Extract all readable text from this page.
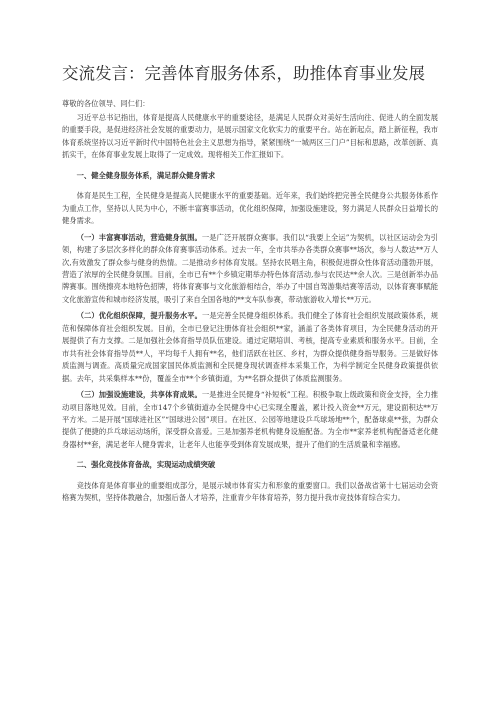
交流发言：完善体育服务体系，助推体育事业发展
尊敬的各位领导、同仁们：

习近平总书记指出，体育是提高人民健康水平的重要途径，是满足人民群众对美好生活向往、促进人的全面发展的重要手段，是促进经济社会发展的重要动力，是展示国家文化软实力的重要平台。站在新起点，踏上新征程，我市体育系统坚持以习近平新时代中国特色社会主义思想为指导，紧紧围绕“一城两区三门户”目标和思路，改革创新、真抓实干，在体育事业发展上取得了一定成效。现将相关工作汇报如下。

一、健全健身服务体系，满足群众健身需求

体育是民生工程，全民健身是提高人民健康水平的重要基础。近年来，我们始终把完善全民健身公共服务体系作为重点工作，坚持以人民为中心，不断丰富赛事活动，优化组织保障，加强设施建设，努力满足人民群众日益增长的健身需求。

（一）丰富赛事活动，营造健身氛围。一是广泛开展群众赛事。我们以“我要上全运”为契机，以社区运动会为引领，构建了多层次多样化的群众体育赛事活动体系。过去一年，全市共举办各类群众赛事**场次，参与人数达**万人次,有效激发了群众参与健身的热情。二是推动乡村体育发展。坚持农民唱主角，积极促进群众性体育活动蓬勃开展，营造了浓厚的全民健身氛围。目前，全市已有**个乡镇定期举办特色体育活动,参与农民达**余人次。三是创新举办品牌赛事。围绕擦亮本地特色招牌，将体育赛事与文化旅游相结合，举办了中国自驾游集结赛等活动，以体育赛事赋能文化旅游宣传和城市经济发展，吸引了来自全国各地的**支车队参赛，带动旅游收入增长**万元。

（二）优化组织保障，提升服务水平。一是完善全民健身组织体系。我们健全了体育社会组织发展政策体系，规范和保障体育社会组织发展。目前，全市已登记注册体育社会组织**家，涵盖了各类体育项目，为全民健身活动的开展提供了有力支撑。二是加强社会体育指导员队伍建设。通过定期培训、考核，提高专业素质和服务水平。目前，全市共有社会体育指导员**人，平均每千人拥有**名，他们活跃在社区、乡村，为群众提供健身指导服务。三是做好体质监测与调查。高质量完成国家国民体质监测和全民健身现状调查样本采集工作，为科学制定全民健身政策提供依据。去年，共采集样本**份，覆盖全市**个乡镇街道，为**名群众提供了体质监测服务。

（三）加强设施建设，共享体育成果。一是推进全民健身“补短板”工程。积极争取上级政策和资金支持，全力推动项目落地见效。目前，全市147个乡镇街道办全民健身中心已实现全覆盖，累计投入资金**万元，建设面积达**万平方米。二是开展“国球进社区”“国球进公园”项目。在社区、公园等地建设乒乓球场地**个，配备球桌**张，为群众提供了便捷的乒乓球运动场所，深受群众喜爱。三是加强养老机构健身设施配备。为全市**家养老机构配备适老化健身器材**套，满足老年人健身需求，让老年人也能享受到体育发展成果，提升了他们的生活质量和幸福感。

二、强化竞技体育备战，实现运动成绩突破

竞技体育是体育事业的重要组成部分，是展示城市体育实力和形象的重要窗口。我们以备战省第十七届运动会资格赛为契机，坚持体教融合，加强后备人才培养，注重青少年体育培养，努力提升我市竞技体育综合实力。
